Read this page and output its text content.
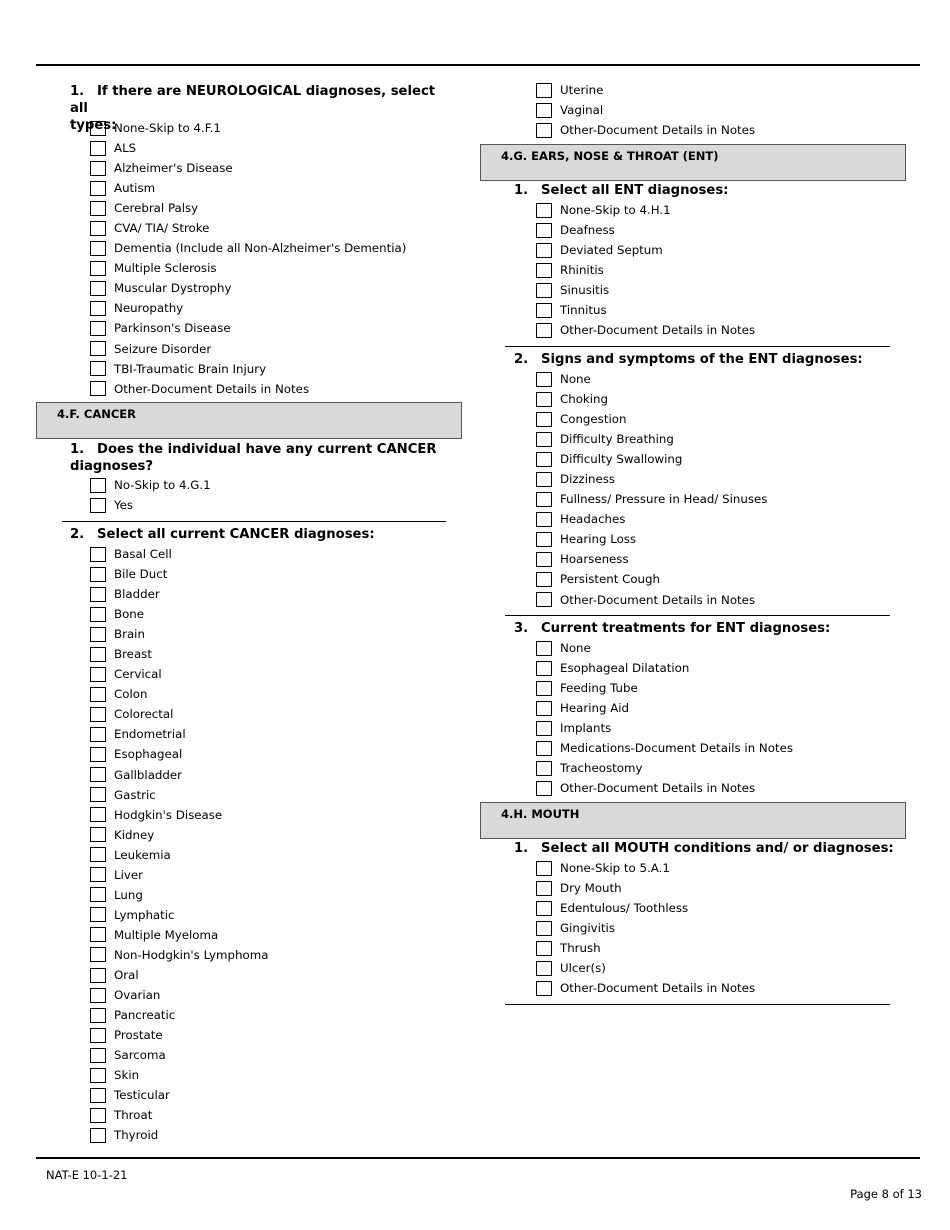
1. If there are NEUROLOGICAL diagnoses, select all
types:
None-Skip to 4.F.1
ALS
Alzheimer's Disease
Autism
Cerebral Palsy
CVA/ TIA/ Stroke
Dementia (Include all Non-Alzheimer's Dementia)
Multiple Sclerosis
Muscular Dystrophy
Neuropathy
Parkinson's Disease
Seizure Disorder
TBI-Traumatic Brain Injury
Other-Document Details in Notes
4.F. CANCER
1. Does the individual have any current CANCER
diagnoses?
No-Skip to 4.G.1
Yes
2. Select all current CANCER diagnoses:
Basal Cell
Bile Duct
Bladder
Bone
Brain
Breast
Cervical
Colon
Colorectal
Endometrial
Esophageal
Gallbladder
Gastric
Hodgkin's Disease
Kidney
Leukemia
Liver
Lung
Lymphatic
Multiple Myeloma
Non-Hodgkin's Lymphoma
Oral
Ovarian
Pancreatic
Prostate
Sarcoma
Skin
Testicular
Throat
Thyroid
Uterine
Vaginal
Other-Document Details in Notes
4.G. EARS, NOSE & THROAT (ENT)
1. Select all ENT diagnoses:
None-Skip to 4.H.1
Deafness
Deviated Septum
Rhinitis
Sinusitis
Tinnitus
Other-Document Details in Notes
2. Signs and symptoms of the ENT diagnoses:
None
Choking
Congestion
Difficulty Breathing
Difficulty Swallowing
Dizziness
Fullness/ Pressure in Head/ Sinuses
Headaches
Hearing Loss
Hoarseness
Persistent Cough
Other-Document Details in Notes
3. Current treatments for ENT diagnoses:
None
Esophageal Dilatation
Feeding Tube
Hearing Aid
Implants
Medications-Document Details in Notes
Tracheostomy
Other-Document Details in Notes
4.H. MOUTH
1. Select all MOUTH conditions and/ or diagnoses:
None-Skip to 5.A.1
Dry Mouth
Edentulous/ Toothless
Gingivitis
Thrush
Ulcer(s)
Other-Document Details in Notes
NAT-E 10-1-21
Page 8 of 13
